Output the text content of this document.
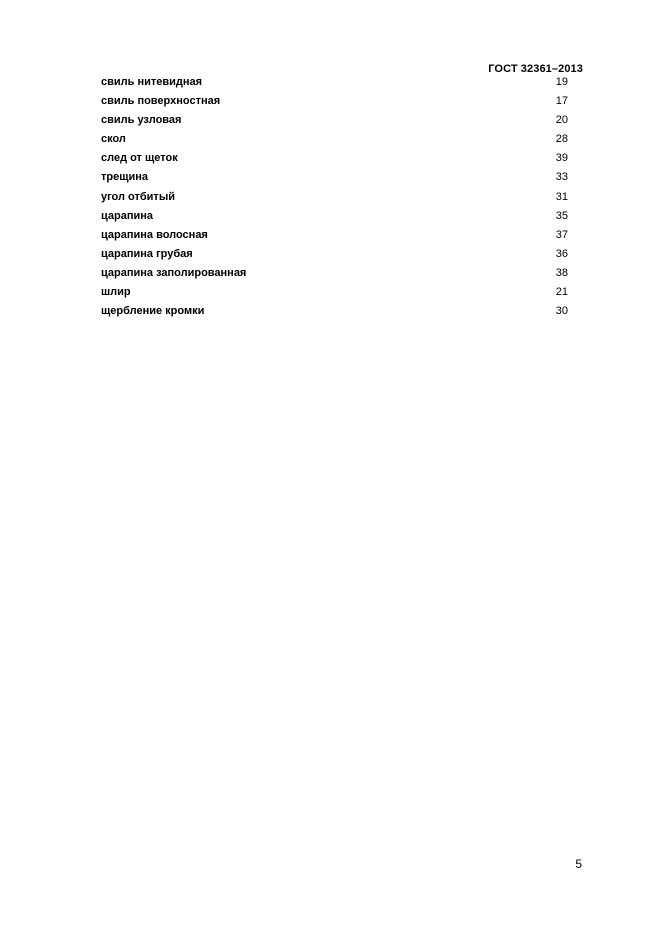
ГОСТ 32361–2013
свиль нитевидная	19
свиль поверхностная	17
свиль узловая	20
скол	28
след от щеток	39
трещина	33
угол отбитый	31
царапина	35
царапина волосная	37
царапина грубая	36
царапина заполированная	38
шлир	21
щербление кромки	30
5
